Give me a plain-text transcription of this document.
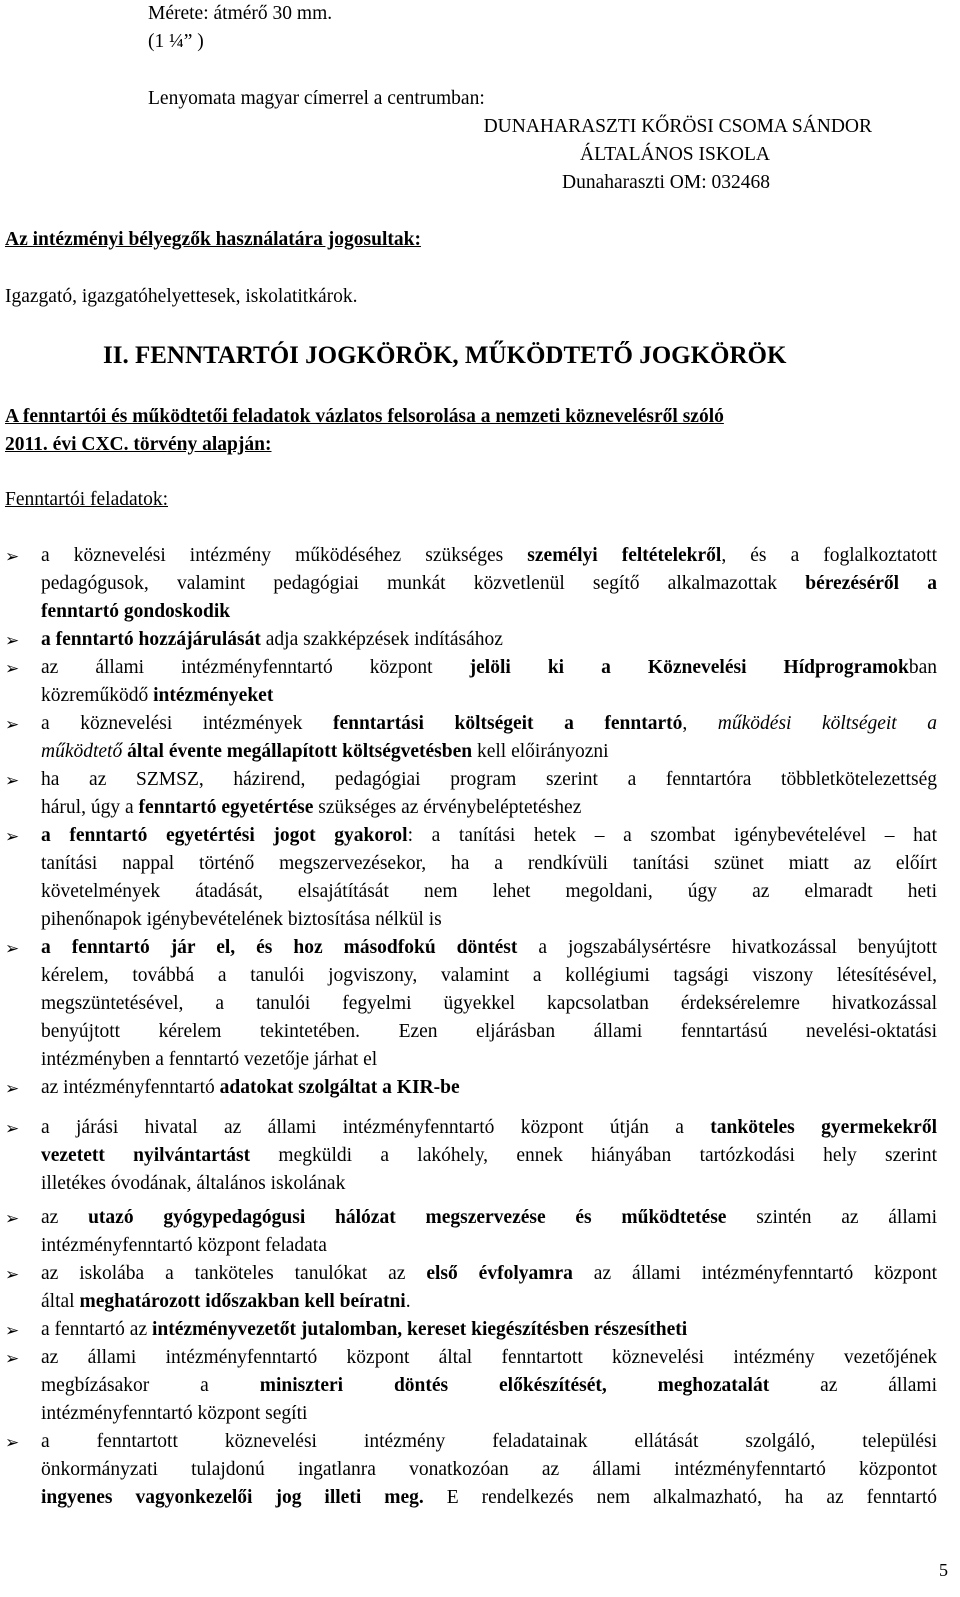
Mérete: átmérő 30 mm.
(1 ¼” )
Lenyomata magyar címerrel a centrumban:
DUNAHARASZTI KŐRÖSI CSOMA SÁNDOR
ÁLTALÁNOS ISKOLA
Dunaharaszti OM: 032468
Az intézményi bélyegzők használatára jogosultak:
Igazgató, igazgatóhelyettesek, iskolatitkárok.
II. FENNTARTÓI JOGKÖRÖK, MŰKÖDTETŐ JOGKÖRÖK
A fenntartói és működtetői feladatok vázlatos felsorolása a nemzeti köznevelésről szóló
2011. évi CXC. törvény alapján:
Fenntartói feladatok:
➢ a köznevelési intézmény működéséhez szükséges személyi feltételekről, és a foglalkoztatott
pedagógusok, valamint pedagógiai munkát közvetlenül segítő alkalmazottak bérezéséről a
fenntartó gondoskodik
➢ a fenntartó hozzájárulását adja szakképzések indításához
➢ az állami intézményfenntartó központ jelöli ki a Köznevelési Hídprogramokban
közreműködő intézményeket
➢ a köznevelési intézmények fenntartási költségeit a fenntartó, működési költségeit a
működtető által évente megállapított költségvetésben kell előirányozni
➢ ha az SZMSZ, házirend, pedagógiai program szerint a fenntartóra többletkötelezettség
hárul, úgy a fenntartó egyetértése szükséges az érvénybeléptetéshez
➢ a fenntartó egyetértési jogot gyakorol: a tanítási hetek – a szombat igénybevételével – hat
tanítási nappal történő megszervezésekor, ha a rendkívüli tanítási szünet miatt az előírt
követelmények átadását, elsajátítását nem lehet megoldani, úgy az elmaradt heti
pihenőnapok igénybevételének biztosítása nélkül is
➢ a fenntartó jár el, és hoz másodfokú döntést a jogszabálysértésre hivatkozással benyújtott
kérelem, továbbá a tanulói jogviszony, valamint a kollégiumi tagsági viszony létesítésével,
megszüntetésével, a tanulói fegyelmi ügyekkel kapcsolatban érdeksérelemre hivatkozással
benyújtott kérelem tekintetében. Ezen eljárásban állami fenntartású nevelési-oktatási
intézményben a fenntartó vezetője járhat el
➢ az intézményfenntartó adatokat szolgáltat a KIR-be
➢ a járási hivatal az állami intézményfenntartó központ útján a tanköteles gyermekekről
vezetett nyilvántartást megküldi a lakóhely, ennek hiányában tartózkodási hely szerint
illetékes óvodának, általános iskolának
➢ az utazó gyógypedagógusi hálózat megszervezése és működtetése szintén az állami
intézményfenntartó központ feladata
➢ az iskolába a tanköteles tanulókat az első évfolyamra az állami intézményfenntartó központ
által meghatározott időszakban kell beíratni.
➢ a fenntartó az intézményvezetőt jutalomban, kereset kiegészítésben részesítheti
➢ az állami intézményfenntartó központ által fenntartott köznevelési intézmény vezetőjének
megbízásakor a miniszteri döntés előkészítését, meghozatalát az állami
intézményfenntartó központ segíti
➢ a fenntartott köznevelési intézmény feladatainak ellátását szolgáló, települési
önkormányzati tulajdonú ingatlanra vonatkozóan az állami intézményfenntartó központot
ingyenes vagyonkezelői jog illeti meg. E rendelkezés nem alkalmazható, ha az fenntartó
5
